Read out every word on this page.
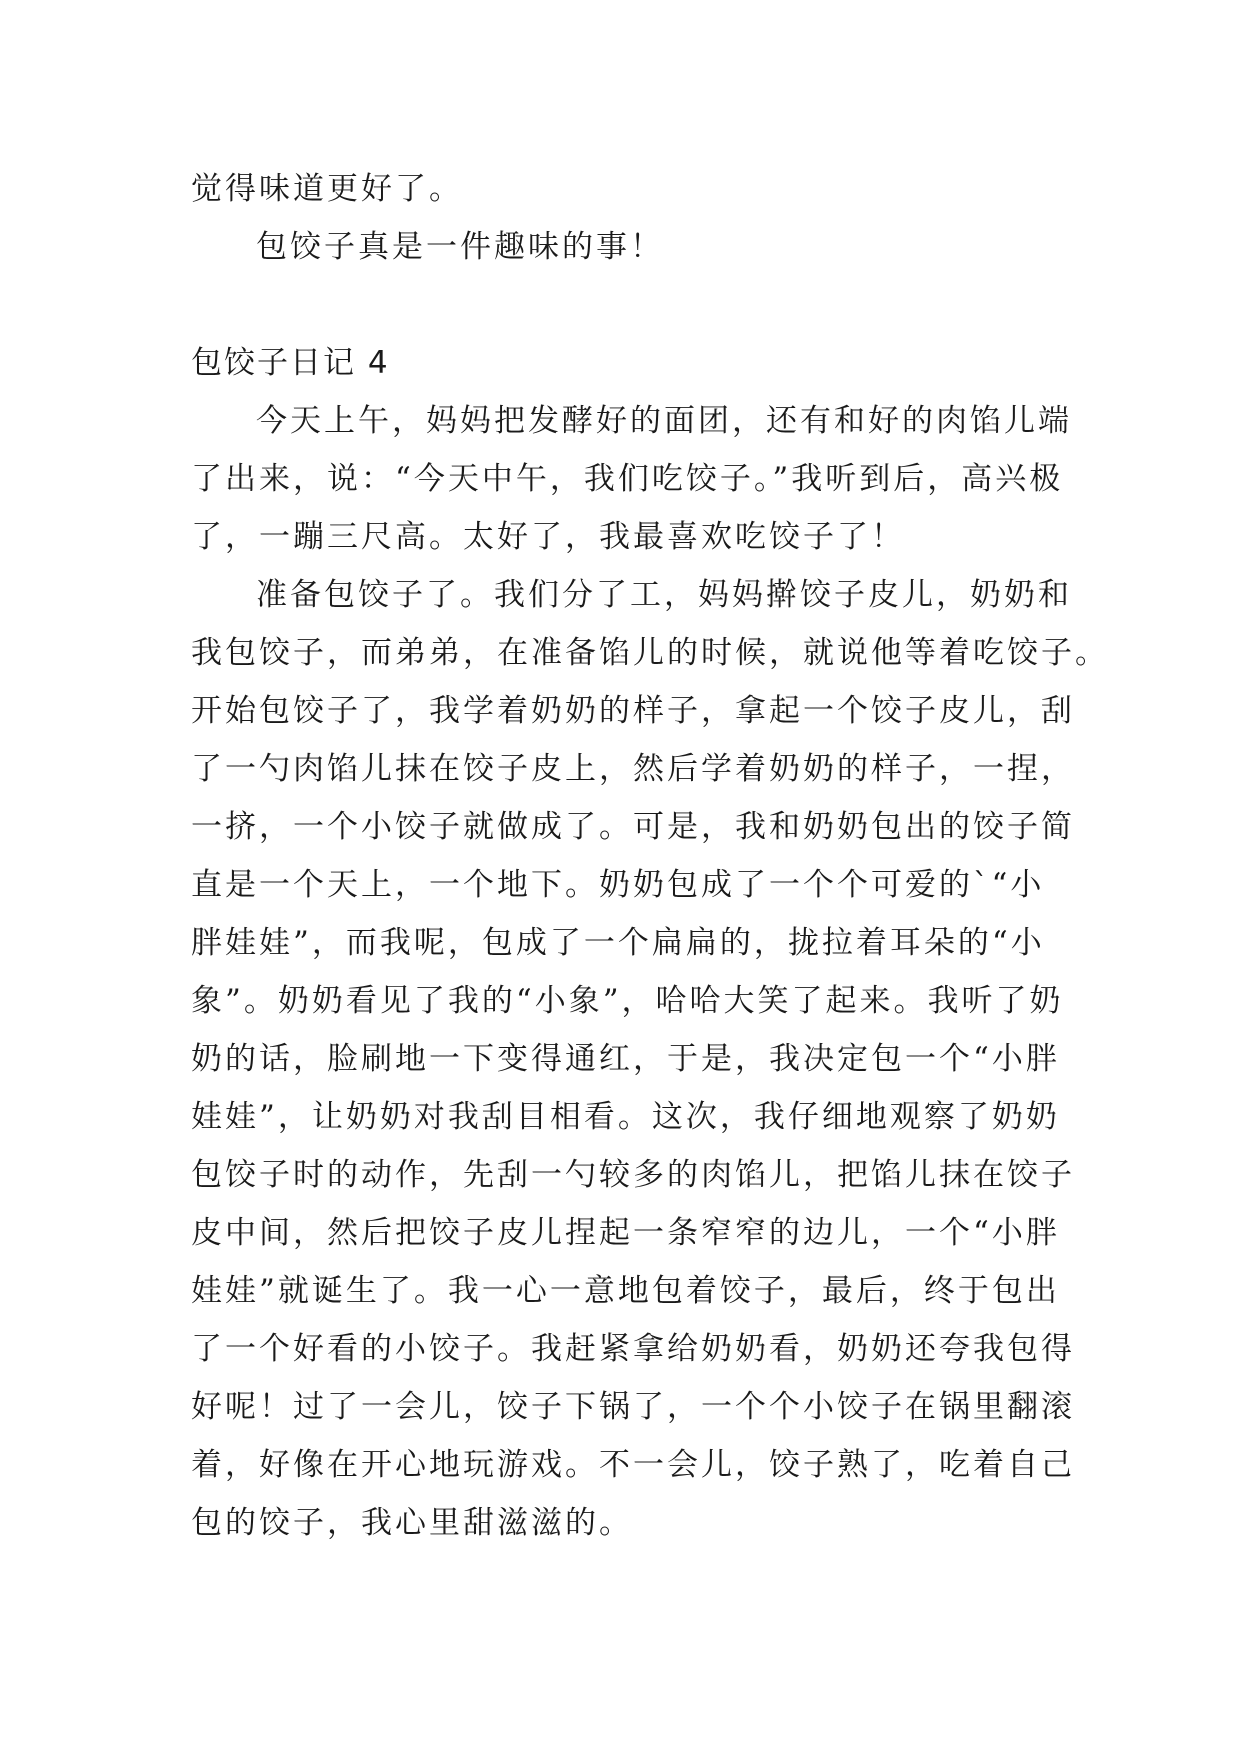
觉得味道更好了。
包饺子真是一件趣味的事！
包饺子日记 4
今天上午，妈妈把发酵好的面团，还有和好的肉馅儿端
了出来，说：“今天中午，我们吃饺子。”我听到后，高兴极
了，一蹦三尺高。太好了，我最喜欢吃饺子了！
准备包饺子了。我们分了工，妈妈擀饺子皮儿，奶奶和
我包饺子，而弟弟，在准备馅儿的时候，就说他等着吃饺子。
开始包饺子了，我学着奶奶的样子，拿起一个饺子皮儿，刮
了一勺肉馅儿抹在饺子皮上，然后学着奶奶的样子，一捏，
一挤，一个小饺子就做成了。可是，我和奶奶包出的饺子简
直是一个天上，一个地下。奶奶包成了一个个可爱的`“小
胖娃娃”，而我呢，包成了一个扁扁的，拢拉着耳朵的“小
象”。奶奶看见了我的“小象”，哈哈大笑了起来。我听了奶
奶的话，脸刷地一下变得通红，于是，我决定包一个“小胖
娃娃”，让奶奶对我刮目相看。这次，我仔细地观察了奶奶
包饺子时的动作，先刮一勺较多的肉馅儿，把馅儿抹在饺子
皮中间，然后把饺子皮儿捏起一条窄窄的边儿，一个“小胖
娃娃”就诞生了。我一心一意地包着饺子，最后，终于包出
了一个好看的小饺子。我赶紧拿给奶奶看，奶奶还夸我包得
好呢！过了一会儿，饺子下锅了，一个个小饺子在锅里翻滚
着，好像在开心地玩游戏。不一会儿，饺子熟了，吃着自己
包的饺子，我心里甜滋滋的。
